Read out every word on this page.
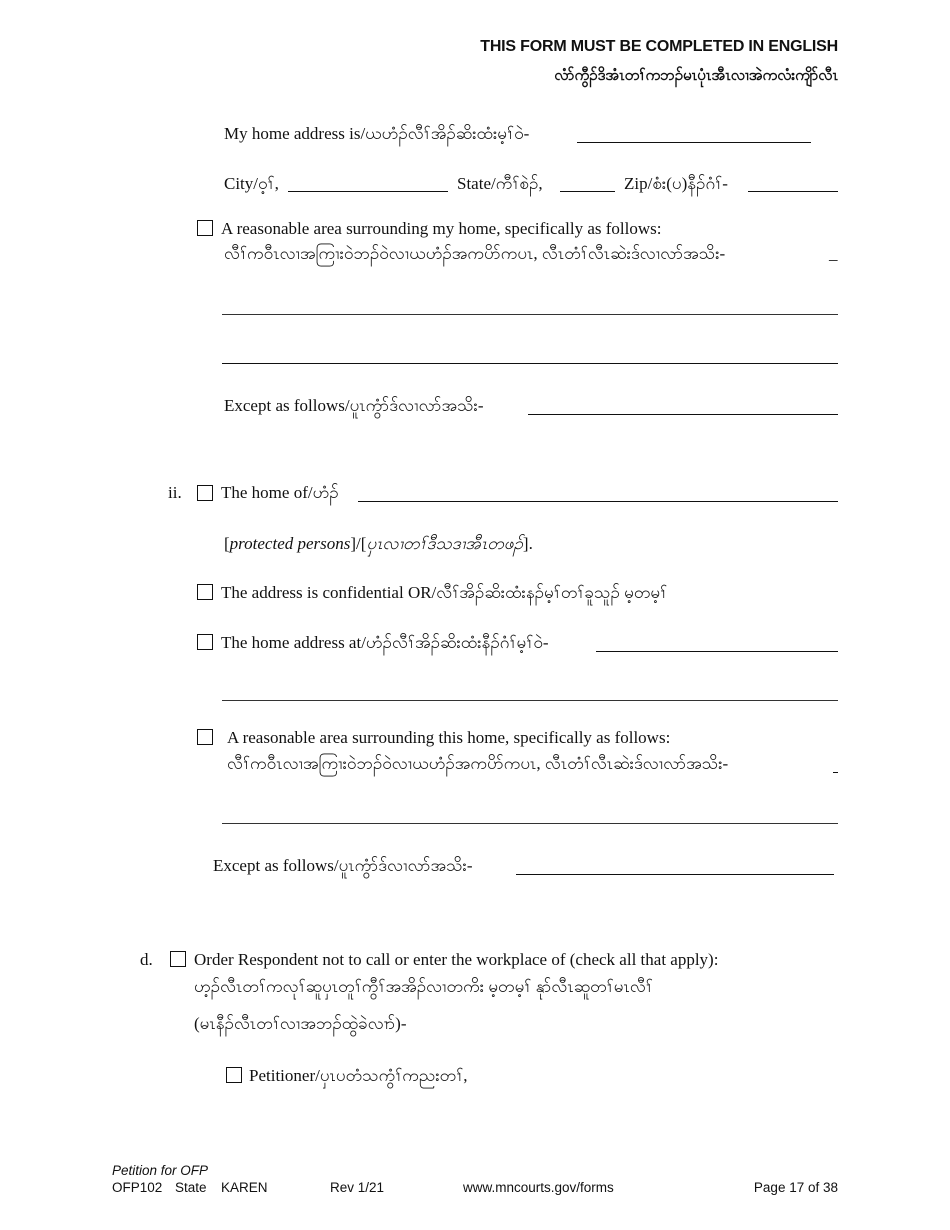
THIS FORM MUST BE COMPLETED IN ENGLISH
လံာ်ကွီၣ်ဒိအံၤတၢ်ကဘၣ်မၤပုံၤအီၤလၢအဲကလံးကျိာ်လီၤ
My home address is/ယဟံၣ်လီၢ်အိၣ်ဆိးထံးမ့ၢ်ဝဲ-
City/ဝ့ၢ်,	State/ကီၢ်စဲၣ်,	Zip/စံး(ပ)နီၣ်ဂံၢ်-
A reasonable area surrounding my home, specifically as follows:
လီၢ်ကဝီၤလၢအကြၢးဝဲဘၣ်ဝဲလၢယဟံၣ်အကပိာ်ကပၤ, လီၤတံၢ်လီၤဆဲးဒ်လၢလာ်အသိး-	_
Except as follows/ပူၤကွံာ်ဒ်လၢလာ်အသိး-
ii. The home of/ဟံၣ်
[protected persons]/[ပှၤလၢတၢ်ဒီသဒၢအီၤတဖၣ်].
The address is confidential OR/လီၢ်အိၣ်ဆိးထံးနၣ်မ့ၢ်တၢ်ခူသူၣ် မ့တမ့ၢ်
The home address at/ဟံၣ်လီၢ်အိၣ်ဆိးထံးနီၣ်ဂံၢ်မ့ၢ်ဝဲ-
A reasonable area surrounding this home, specifically as follows:
လီၢ်ကဝီၤလၢအကြၢးဝဲဘၣ်ဝဲလၢယဟံၣ်အကပိာ်ကပၤ, လီၤတံၢ်လီၤဆဲးဒ်လၢလာ်အသိး-
Except as follows/ပူၤကွံာ်ဒ်လၢလာ်အသိး-
d. Order Respondent not to call or enter the workplace of (check all that apply):
ဟ့ၣ်လီၤတၢ်ကလုၢ်ဆူပှၤတူၢ်ကွီၢ်အအိၣ်လၢတကိး မ့တမ့ၢ် နုာ်လီၤဆူတၢ်မၤလီၢ်
(မၤနီၣ်လီၤတၢ်လၢအဘၣ်ထွဲခဲလၢာ်)-
Petitioner/ပှၤပတံသကွံၢ်ကညးတၢ်,
Petition for OFP
OFP102 State KAREN	Rev 1/21	www.mncourts.gov/forms	Page 17 of 38
